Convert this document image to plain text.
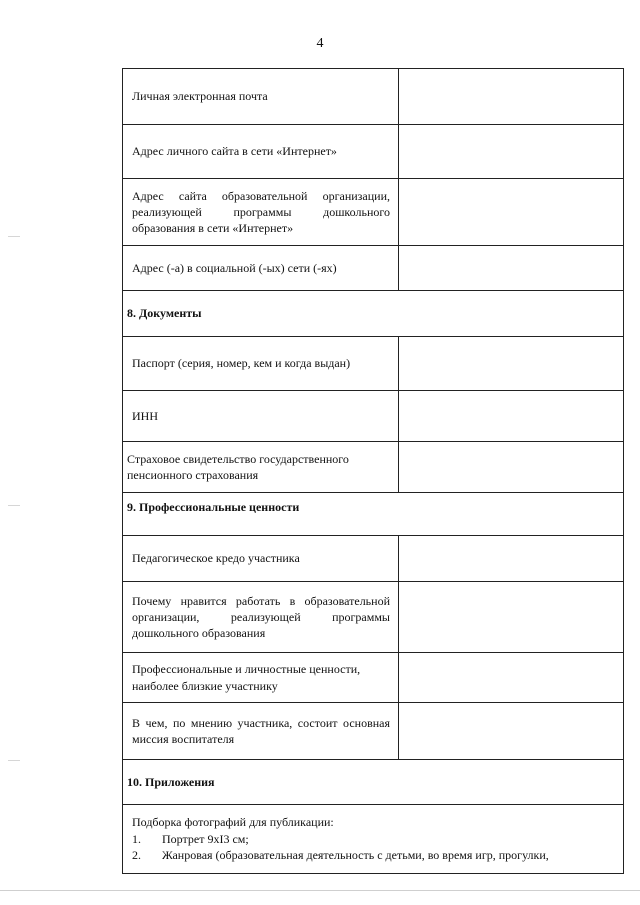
4
Личная электронная почта	

Адрес личного сайта в сети «Интернет»	

Адрес сайта образовательной организации, реализующей программы дошкольного образования в сети «Интернет»	

Адрес (-а) в социальной (-ых) сети (-ях)	

8. Документы	

Паспорт (серия, номер, кем и когда выдан)	

ИНН	

Страховое свидетельство государственного пенсионного страхования	

9. Профессиональные ценности	

Педагогическое кредо участника	

Почему нравится работать в образовательной организации, реализующей программы дошкольного образования	

Профессиональные и личностные ценности, наиболее близкие участнику	

В чем, по мнению участника, состоит основная миссия воспитателя	

10. Приложения	

Подборка фотографий для публикации:
1. Портрет 9хI3 см;
2. Жанровая (образовательная деятельность с детьми, во время игр, прогулки,	
